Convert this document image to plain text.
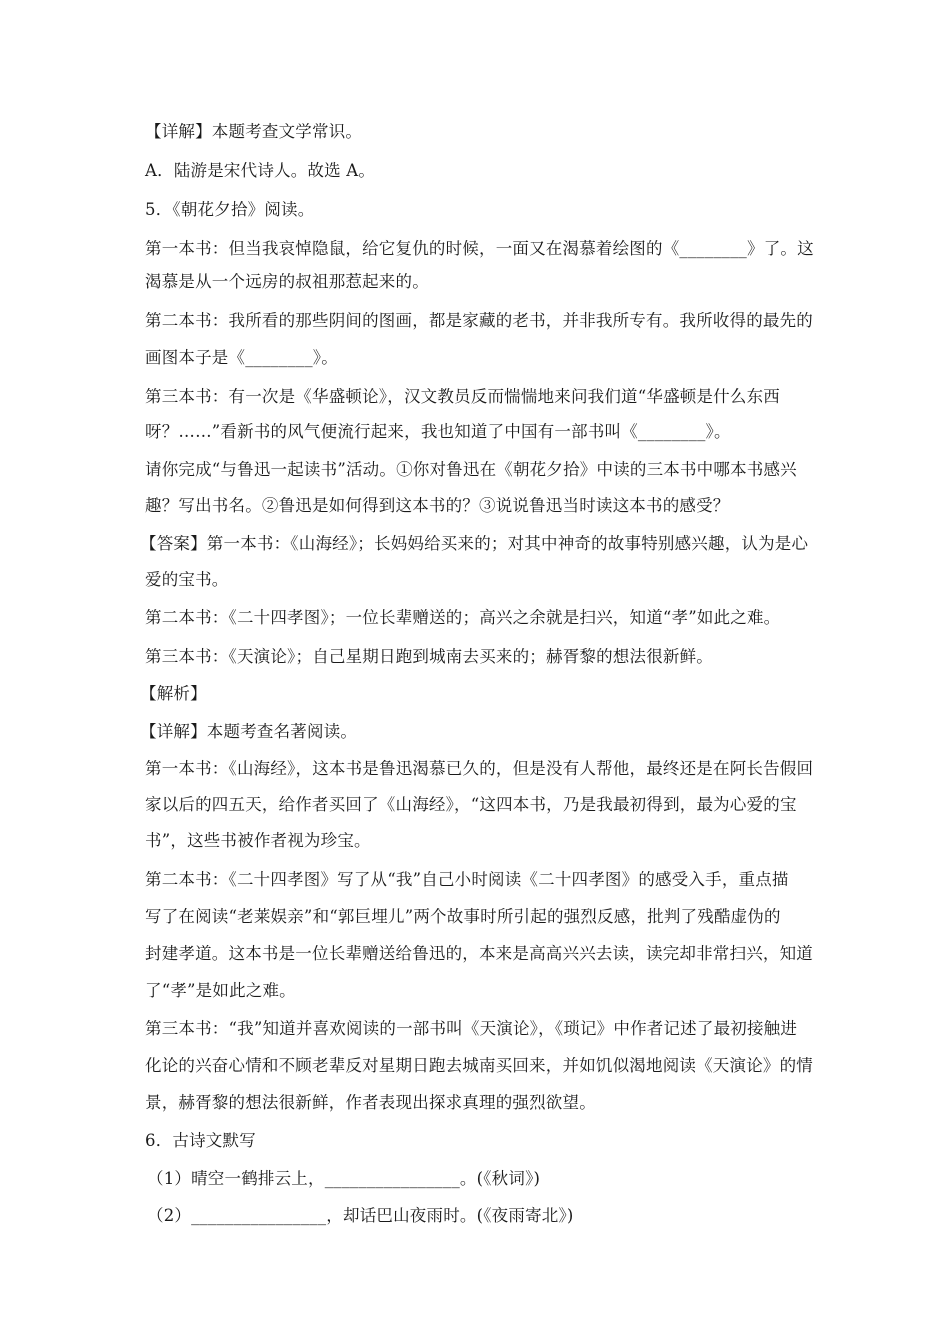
【详解】本题考查文学常识。
A．陆游是宋代诗人。故选 A。
5．《朝花夕拾》阅读。
第一本书：但当我哀悼隐鼠，给它复仇的时候，一面又在渴慕着绘图的《________》了。这
渴慕是从一个远房的叔祖那惹起来的。
第二本书：我所看的那些阴间的图画，都是家藏的老书，并非我所专有。我所收得的最先的
画图本子是《________》。
第三本书：有一次是《华盛顿论》，汉文教员反而惴惴地来问我们道“华盛顿是什么东西
呀？……”看新书的风气便流行起来，我也知道了中国有一部书叫《________》。
请你完成“与鲁迅一起读书”活动。①你对鲁迅在《朝花夕拾》中读的三本书中哪本书感兴
趣？写出书名。②鲁迅是如何得到这本书的？③说说鲁迅当时读这本书的感受？
【答案】第一本书：《山海经》；长妈妈给买来的；对其中神奇的故事特别感兴趣，认为是心
爱的宝书。
第二本书：《二十四孝图》；一位长辈赠送的；高兴之余就是扫兴，知道“孝”如此之难。
第三本书：《天演论》；自己星期日跑到城南去买来的；赫胥黎的想法很新鲜。
【解析】
【详解】本题考查名著阅读。
第一本书：《山海经》，这本书是鲁迅渴慕已久的，但是没有人帮他，最终还是在阿长告假回
家以后的四五天，给作者买回了《山海经》，“这四本书，乃是我最初得到，最为心爱的宝
书”，这些书被作者视为珍宝。
第二本书：《二十四孝图》写了从“我”自己小时阅读《二十四孝图》的感受入手，重点描
写了在阅读“老莱娱亲”和“郭巨埋儿”两个故事时所引起的强烈反感，批判了残酷虚伪的
封建孝道。这本书是一位长辈赠送给鲁迅的，本来是高高兴兴去读，读完却非常扫兴，知道
了“孝”是如此之难。
第三本书：“我”知道并喜欢阅读的一部书叫《天演论》，《琐记》中作者记述了最初接触进
化论的兴奋心情和不顾老辈反对星期日跑去城南买回来，并如饥似渴地阅读《天演论》的情
景，赫胥黎的想法很新鲜，作者表现出探求真理的强烈欲望。
6．古诗文默写
（1）晴空一鹤排云上，________________。(《秋词》)
（2）________________，却话巴山夜雨时。(《夜雨寄北》)
